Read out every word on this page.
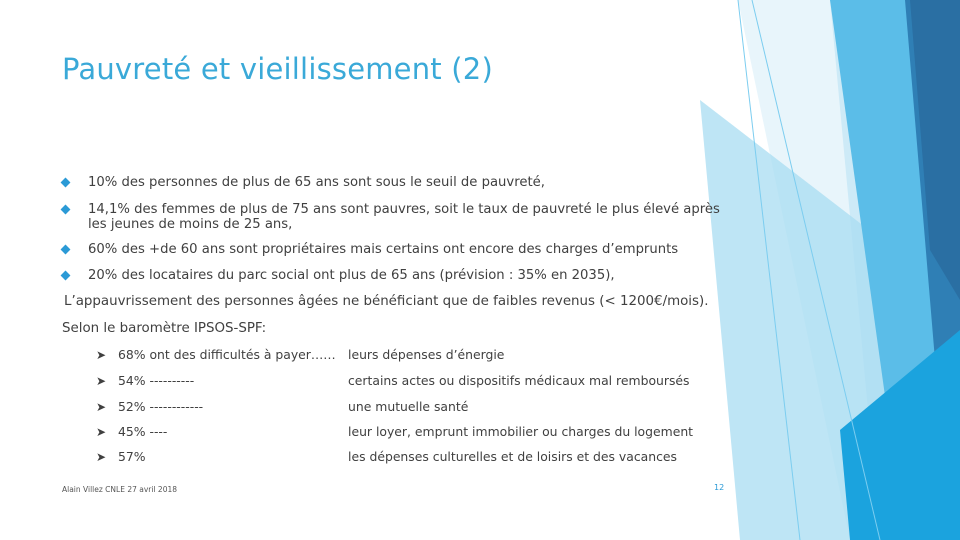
Pauvreté et vieillissement (2)
10% des personnes de plus de 65 ans sont sous le seuil de pauvreté,
14,1% des femmes de plus de 75 ans sont pauvres, soit le taux de pauvreté le plus élevé après
les jeunes de moins de 25 ans,
60% des +de 60 ans sont propriétaires mais certains ont encore des charges d’emprunts
20% des locataires du parc social ont plus de 65 ans (prévision : 35% en 2035),
L’appauvrissement des personnes âgées ne bénéficiant que de faibles revenus (< 1200€/mois).
Selon le baromètre IPSOS-SPF:
➤ 68% ont des difficultés à payer…… leurs dépenses d’énergie
➤ 54% ----------	certains actes ou dispositifs médicaux mal remboursés
➤ 52% ------------	une mutuelle santé
➤ 45% ----	leur loyer, emprunt immobilier ou charges du logement
➤ 57%	les dépenses culturelles et de loisirs et des vacances
Alain Villez CNLE 27 avril 2018	12
